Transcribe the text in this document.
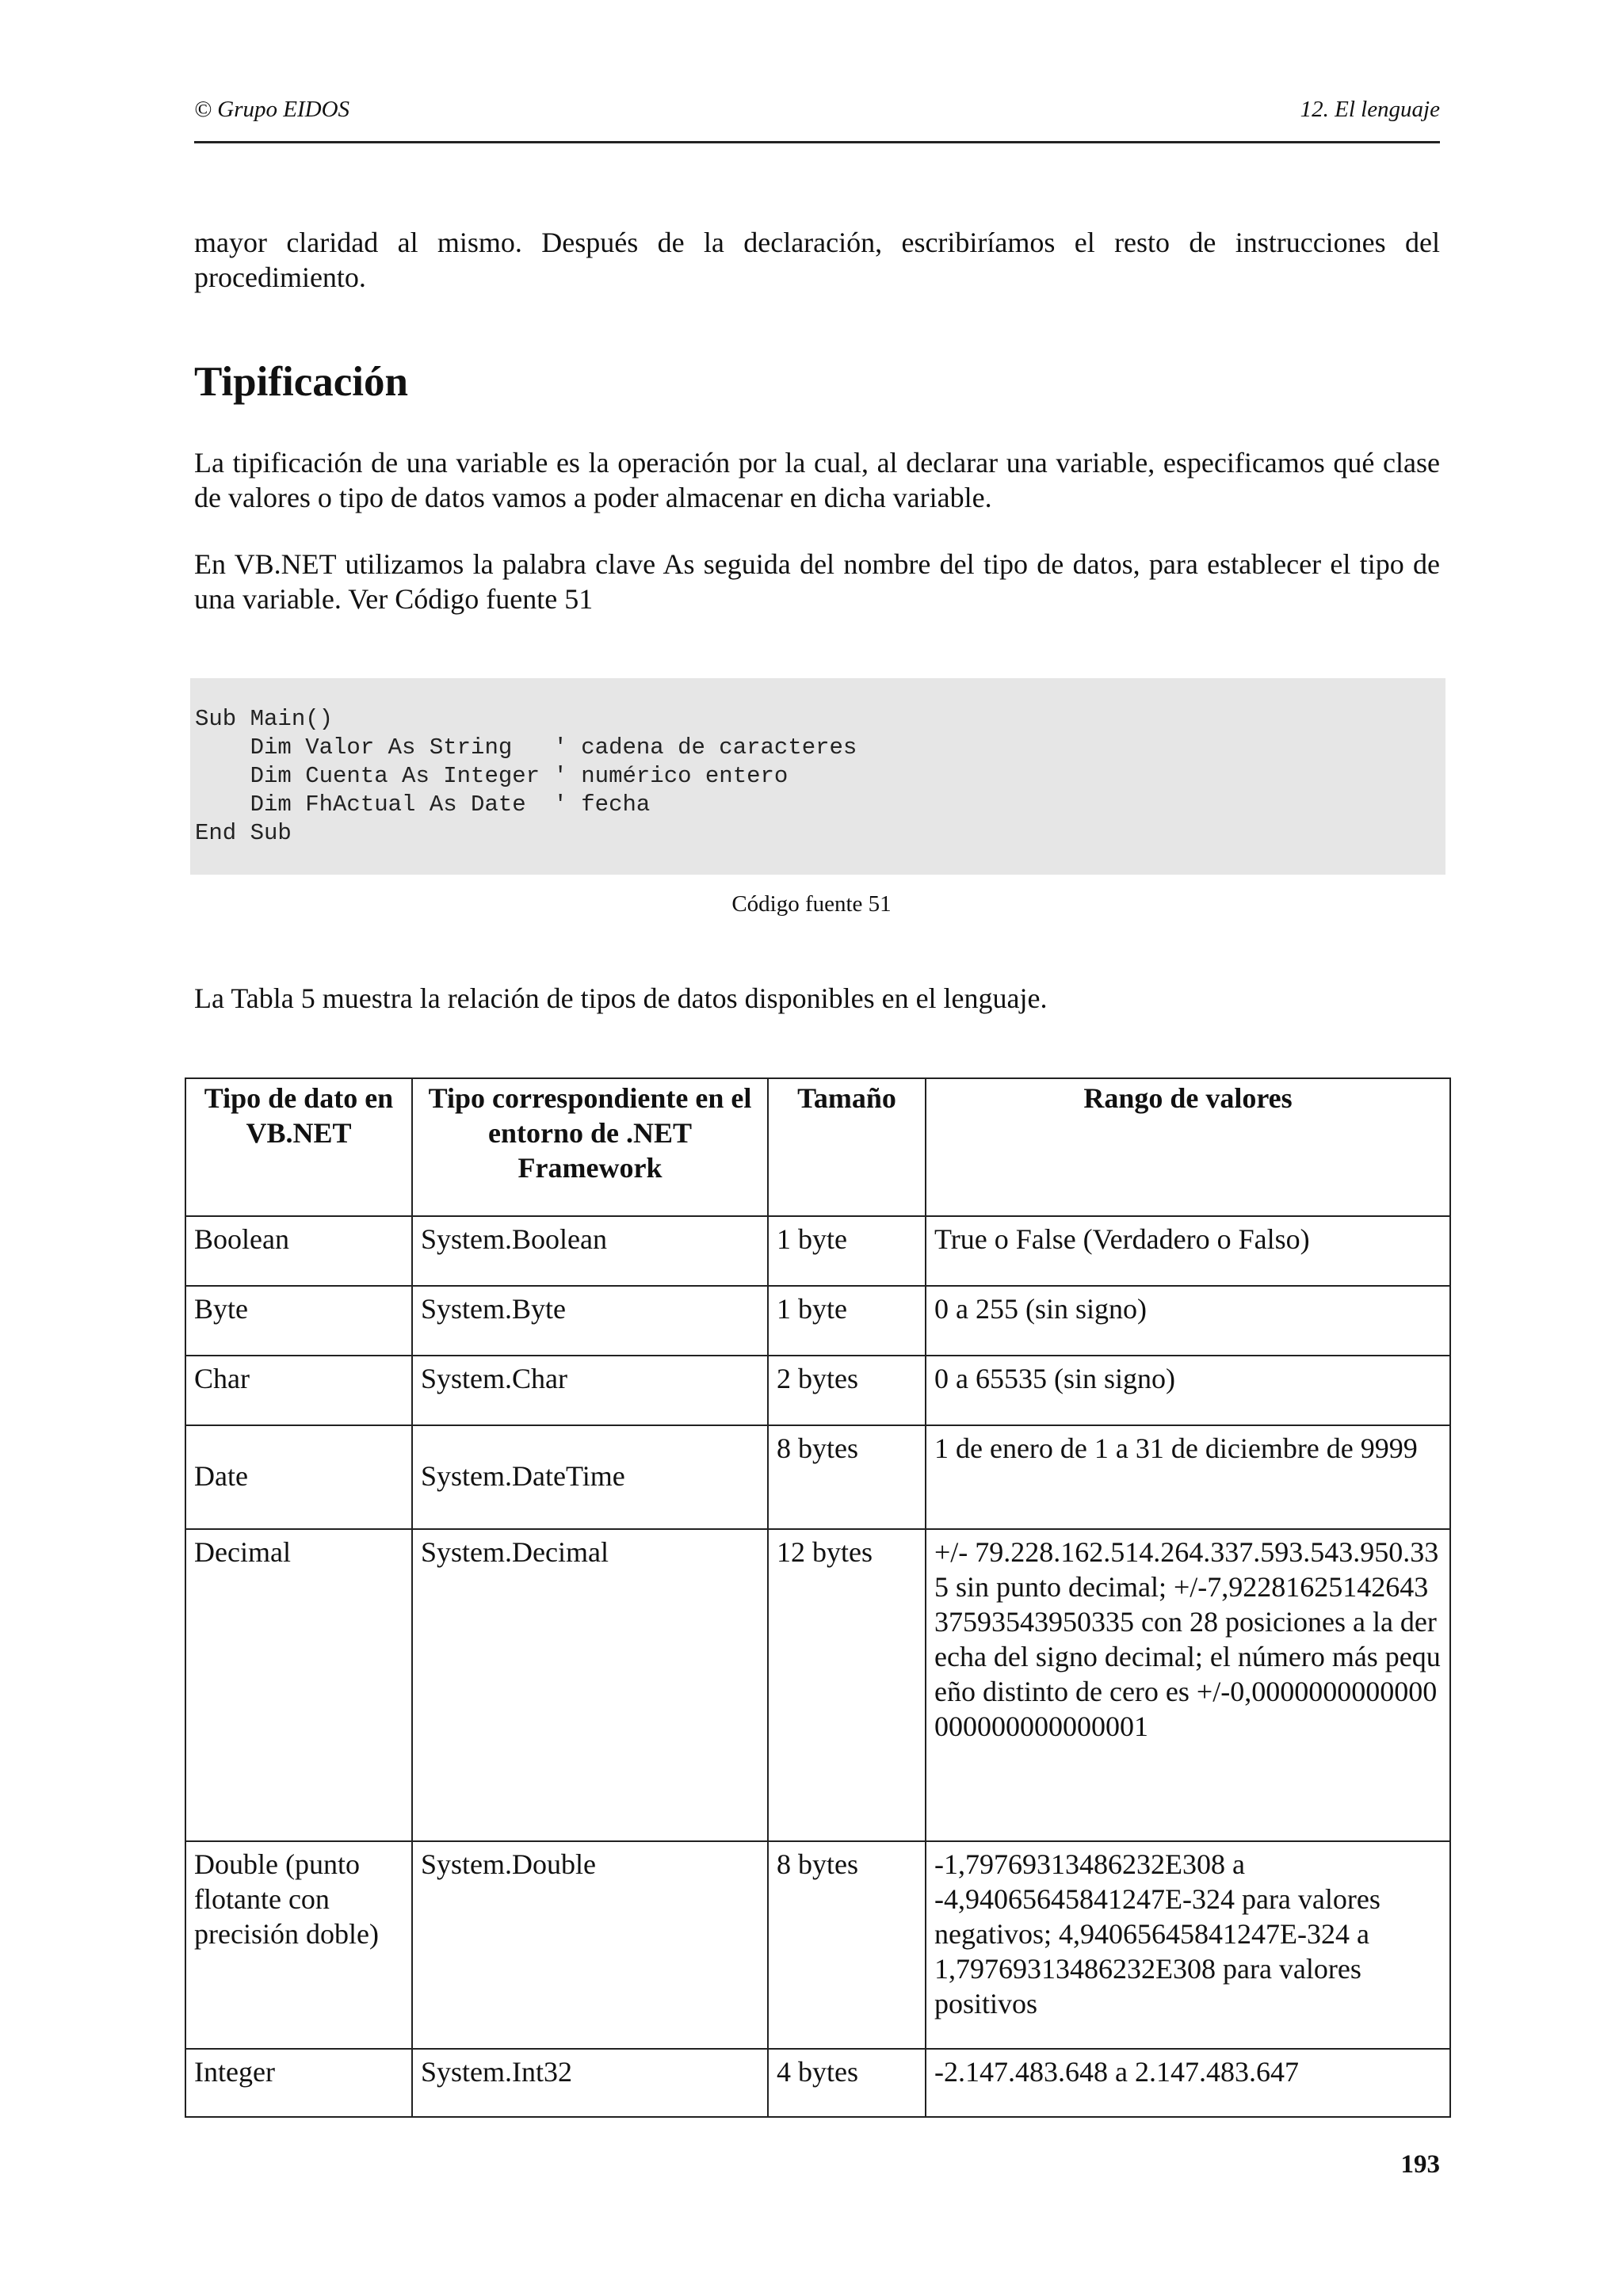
© Grupo EIDOS	12. El lenguaje

mayor claridad al mismo. Después de la declaración, escribiríamos el resto de instrucciones del procedimiento.

Tipificación

La tipificación de una variable es la operación por la cual, al declarar una variable, especificamos qué clase de valores o tipo de datos vamos a poder almacenar en dicha variable.

En VB.NET utilizamos la palabra clave As seguida del nombre del tipo de datos, para establecer el tipo de una variable. Ver Código fuente 51

Sub Main()
Dim Valor As String   ' cadena de caracteres
Dim Cuenta As Integer ' numérico entero
Dim FhActual As Date  ' fecha
End Sub
Código fuente 51

La Tabla 5 muestra la relación de tipos de datos disponibles en el lenguaje.

Tipo de dato en VB.NET	Tipo correspondiente en el entorno de .NET Framework	Tamaño	Rango de valores
Boolean	System.Boolean	1 byte	True o False (Verdadero o Falso)
Byte	System.Byte	1 byte	0 a 255 (sin signo)
Char	System.Char	2 bytes	0 a 65535 (sin signo)
Date	System.DateTime	8 bytes	1 de enero de 1 a 31 de diciembre de 9999
Decimal	System.Decimal	12 bytes	+/- 79.228.162.514.264.337.593.543.950.335 sin punto decimal; +/-7,9228162514264337593543950335 con 28 posiciones a la derecha del signo decimal; el número más pequeño distinto de cero es +/-0,0000000000000000000000000001
Double (punto flotante con precisión doble)	System.Double	8 bytes	-1,79769313486232E308 a -4,94065645841247E-324 para valores negativos; 4,94065645841247E-324 a 1,79769313486232E308 para valores positivos
Integer	System.Int32	4 bytes	-2.147.483.648 a 2.147.483.647
193
